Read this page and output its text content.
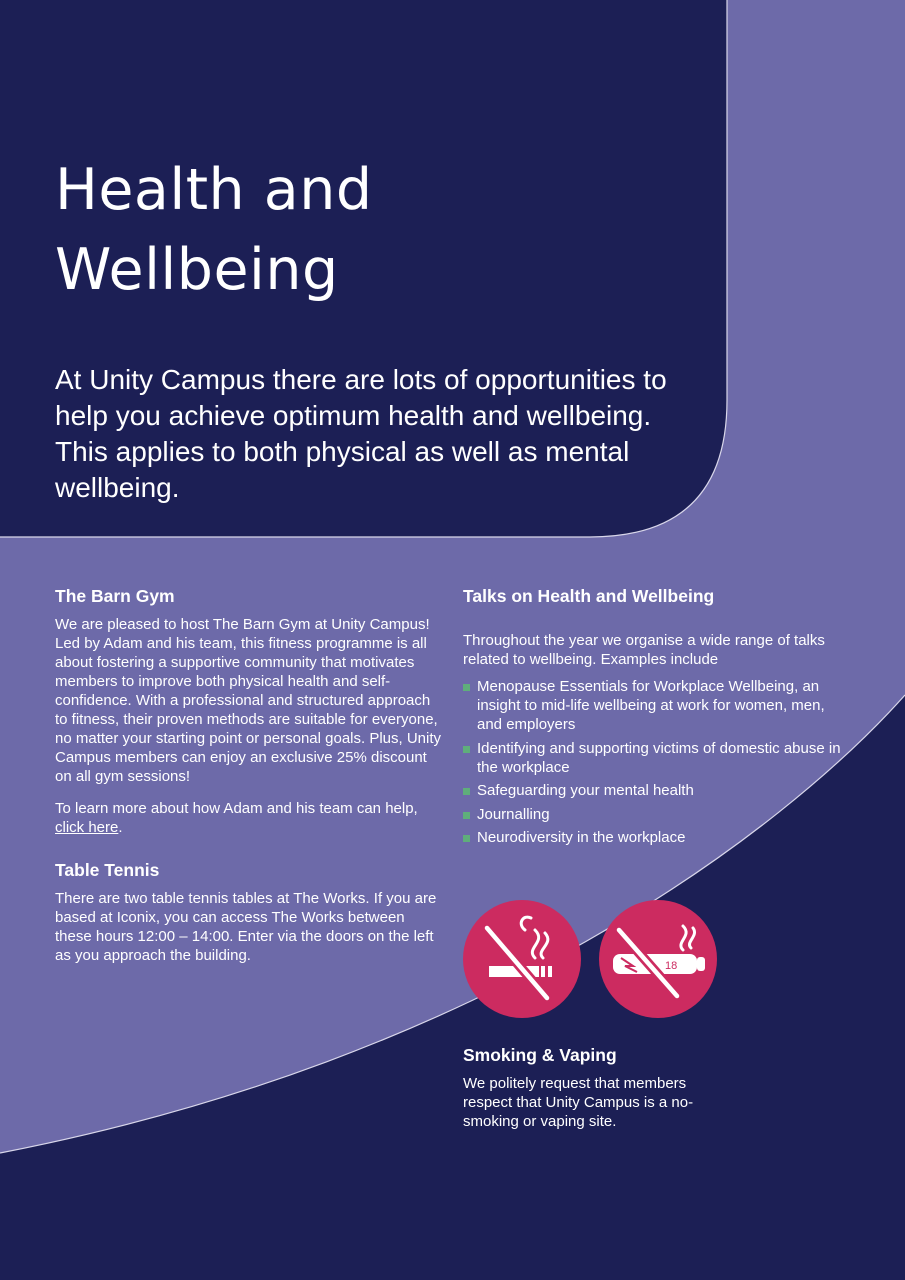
Health and
Wellbeing

At Unity Campus there are lots of opportunities to help you achieve optimum health and wellbeing. This applies to both physical as well as mental wellbeing.

The Barn Gym

We are pleased to host The Barn Gym at Unity Campus! Led by Adam and his team, this fitness programme is all about fostering a supportive community that motivates members to improve both physical health and self-confidence. With a professional and structured approach to fitness, their proven methods are suitable for everyone, no matter your starting point or personal goals. Plus, Unity Campus members can enjoy an exclusive 25% discount on all gym sessions!

To learn more about how Adam and his team can help,
click here.

Table Tennis

There are two table tennis tables at The Works. If you are based at Iconix, you can access The Works between these hours 12:00 – 14:00. Enter via the doors on the left as you approach the building.

Talks on Health and Wellbeing

Throughout the year we organise a wide range of talks related to wellbeing. Examples include

Menopause Essentials for Workplace Wellbeing, an insight to mid-life wellbeing at work for women, men, and employers
Identifying and supporting victims of domestic abuse in the workplace
Safeguarding your mental health
Journalling
Neurodiversity in the workplace
18
Smoking & Vaping

We politely request that members respect that Unity Campus is a no-smoking or vaping site.
